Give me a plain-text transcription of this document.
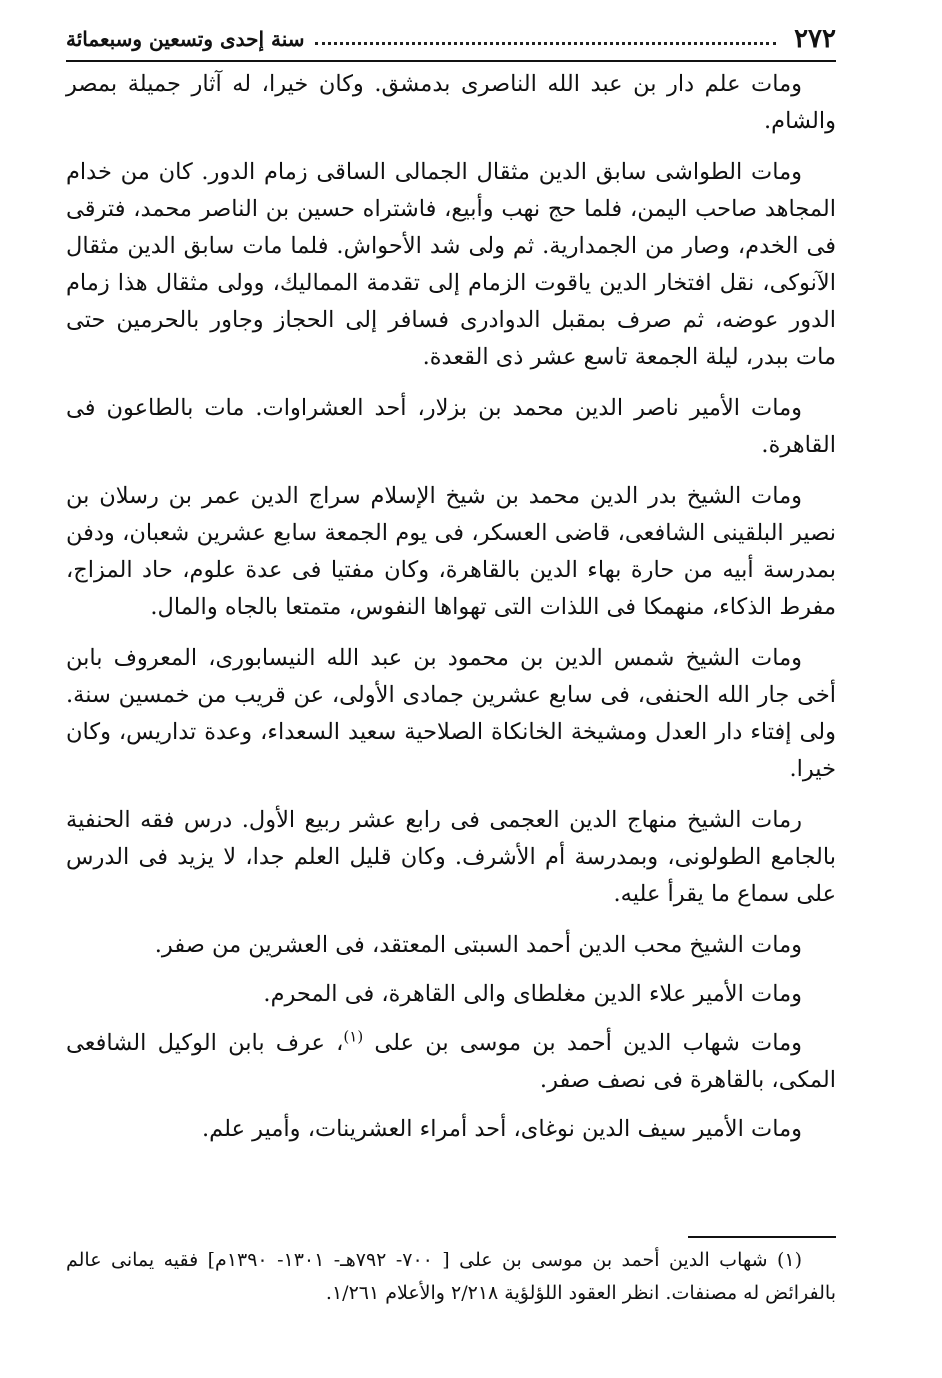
٢٧٢
سنة إحدى وتسعين وسبعمائة

ومات علم دار بن عبد الله الناصرى بدمشق. وكان خيرا، له آثار جميلة بمصر والشام.

ومات الطواشى سابق الدين مثقال الجمالى الساقى زمام الدور. كان من خدام المجاهد صاحب اليمن، فلما حج نهب وأبيع، فاشتراه حسين بن الناصر محمد، فترقى فى الخدم، وصار من الجمدارية. ثم ولى شد الأحواش. فلما مات سابق الدين مثقال الآنوكى، نقل افتخار الدين ياقوت الزمام إلى تقدمة المماليك، وولى مثقال هذا زمام الدور عوضه، ثم صرف بمقبل الدوادرى فسافر إلى الحجاز وجاور بالحرمين حتى مات ببدر، ليلة الجمعة تاسع عشر ذى القعدة.

ومات الأمير ناصر الدين محمد بن بزلار، أحد العشراوات. مات بالطاعون فى القاهرة.

ومات الشيخ بدر الدين محمد بن شيخ الإسلام سراج الدين عمر بن رسلان بن نصير البلقينى الشافعى، قاضى العسكر، فى يوم الجمعة سابع عشرين شعبان، ودفن بمدرسة أبيه من حارة بهاء الدين بالقاهرة، وكان مفتيا فى عدة علوم، حاد المزاج، مفرط الذكاء، منهمكا فى اللذات التى تهواها النفوس، متمتعا بالجاه والمال.

ومات الشيخ شمس الدين بن محمود بن عبد الله النيسابورى، المعروف بابن أخى جار الله الحنفى، فى سابع عشرين جمادى الأولى، عن قريب من خمسين سنة. ولى إفتاء دار العدل ومشيخة الخانكاة الصلاحية سعيد السعداء، وعدة تداريس، وكان خيرا.

رمات الشيخ منهاج الدين العجمى فى رابع عشر ربيع الأول. درس فقه الحنفية بالجامع الطولونى، وبمدرسة أم الأشرف. وكان قليل العلم جدا، لا يزيد فى الدرس على سماع ما يقرأ عليه.

ومات الشيخ محب الدين أحمد السبتى المعتقد، فى العشرين من صفر.

ومات الأمير علاء الدين مغلطاى والى القاهرة، فى المحرم.

ومات شهاب الدين أحمد بن موسى بن على $^{(١)}$، عرف بابن الوكيل الشافعى المكى، بالقاهرة فى نصف صفر.

ومات الأمير سيف الدين نوغاى، أحد أمراء العشرينات، وأمير علم.

(١) شهاب الدين أحمد بن موسى بن على [ ٧٠٠- ٧٩٢هـ- ١٣٠١- ١٣٩٠م] فقيه يمانى عالم بالفرائض له مصنفات. انظر العقود اللؤلؤية ٢/٢١٨ والأعلام ١/٢٦١.
